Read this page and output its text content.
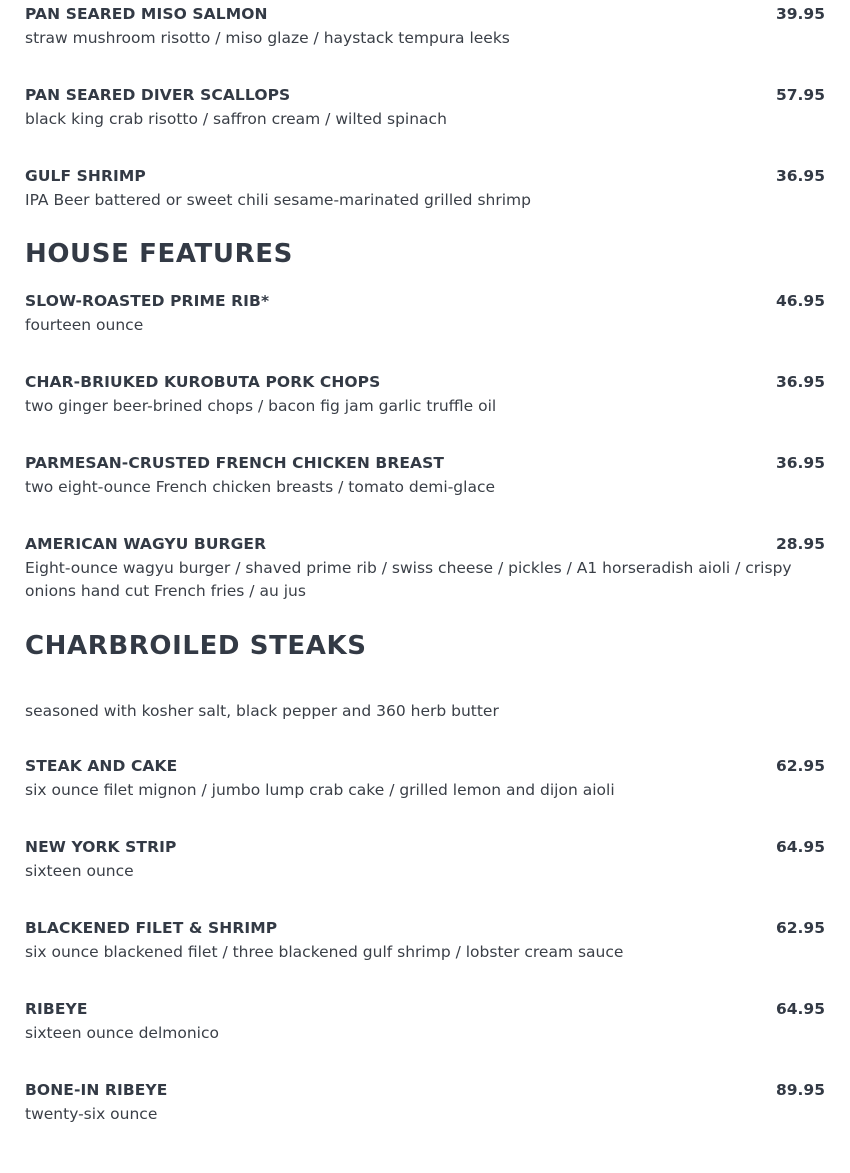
PAN SEARED MISO SALMON	39.95
straw mushroom risotto / miso glaze / haystack tempura leeks
PAN SEARED DIVER SCALLOPS	57.95
black king crab risotto / saffron cream / wilted spinach
GULF SHRIMP	36.95
IPA Beer battered or sweet chili sesame-marinated grilled shrimp
HOUSE FEATURES
SLOW-ROASTED PRIME RIB*	46.95
fourteen ounce
CHAR-BRIUKED KUROBUTA PORK CHOPS	36.95
two ginger beer-brined chops / bacon fig jam garlic truffle oil
PARMESAN-CRUSTED FRENCH CHICKEN BREAST	36.95
two eight-ounce French chicken breasts / tomato demi-glace
AMERICAN WAGYU BURGER	28.95
Eight-ounce wagyu burger / shaved prime rib / swiss cheese / pickles / A1 horseradish aioli / crispy onions hand cut French fries / au jus
CHARBROILED STEAKS
seasoned with kosher salt, black pepper and 360 herb butter
STEAK AND CAKE	62.95
six ounce filet mignon / jumbo lump crab cake / grilled lemon and dijon aioli
NEW YORK STRIP	64.95
sixteen ounce
BLACKENED FILET & SHRIMP	62.95
six ounce blackened filet / three blackened gulf shrimp / lobster cream sauce
RIBEYE	64.95
sixteen ounce delmonico
BONE-IN RIBEYE	89.95
twenty-six ounce
